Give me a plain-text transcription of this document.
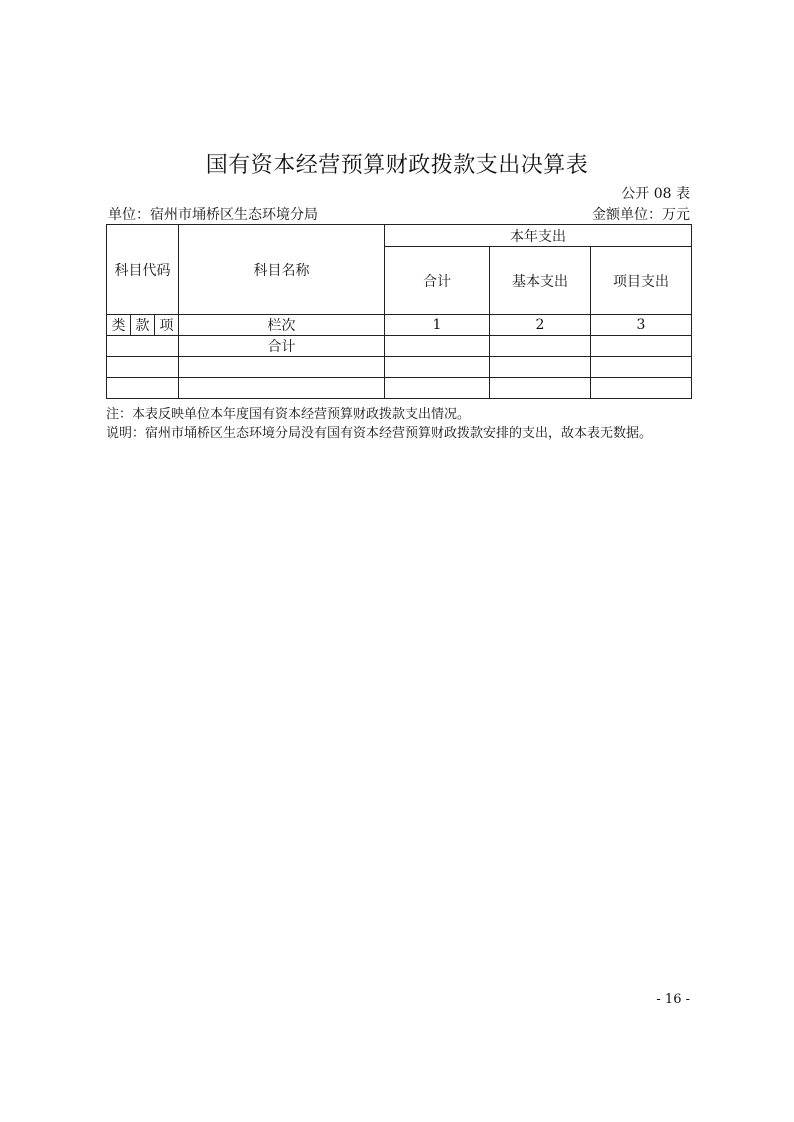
国有资本经营预算财政拨款支出决算表
公开 08 表
单位：宿州市埇桥区生态环境分局	金额单位：万元
科目代码			科目名称	本年支出		
				合计	基本支出	项目支出
类	款	项	栏次	1	2	3
			合计			

注：本表反映单位本年度国有资本经营预算财政拨款支出情况。
说明：宿州市埇桥区生态环境分局没有国有资本经营预算财政拨款安排的支出，故本表无数据。
- 16 -
